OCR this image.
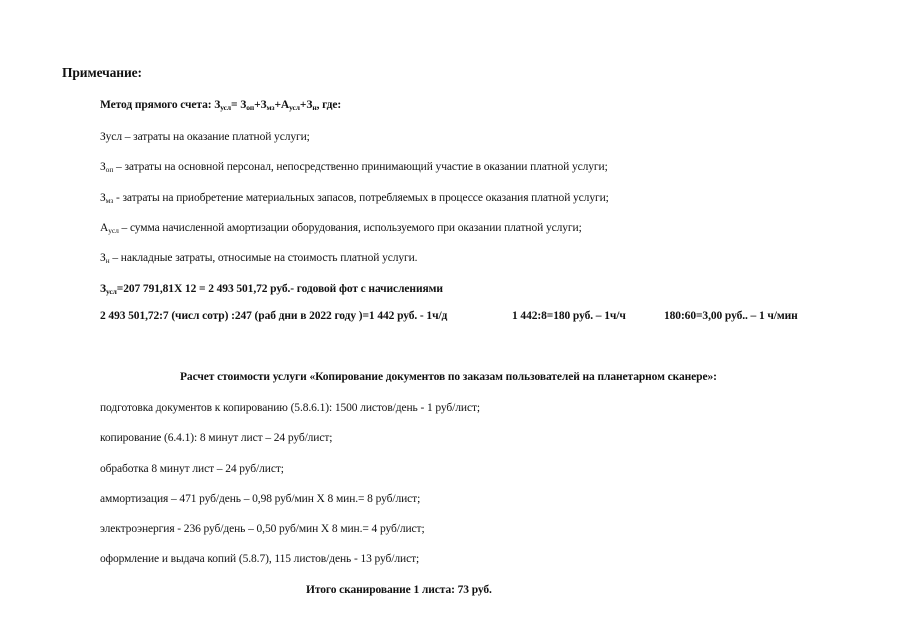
Примечание:
Метод прямого счета: $З_{усл}= З_{оп}+З_{мз}+А_{усл}+З_н$, где:
Зусл – затраты на оказание платной услуги;
$З_{оп}$ – затраты на основной персонал, непосредственно принимающий участие в оказании платной услуги;
$З_{мз}$ - затраты на приобретение материальных запасов, потребляемых в процессе оказания платной услуги;
$А_{усл}$ – сумма начисленной амортизации оборудования, используемого при оказании платной услуги;
$З_н$ – накладные затраты, относимые на стоимость платной услуги.
$З_{усл}=207$ 791,81Х 12 = 2 493 501,72 руб.- годовой фот с начислениями
2 493 501,72:7 (числ сотр) :247 (раб дни в 2022 году )=1 442 руб. - 1ч/д	1 442:8=180 руб. – 1ч/ч	180:60=3,00 руб.. – 1 ч/мин
Расчет стоимости услуги «Копирование документов по заказам пользователей на планетарном сканере»:
подготовка документов к копированию (5.8.6.1): 1500 листов/день - 1 руб/лист;
копирование (6.4.1): 8 минут лист – 24 руб/лист;
обработка 8 минут лист – 24 руб/лист;
аммортизация – 471 руб/день – 0,98 руб/мин Х 8 мин.= 8 руб/лист;
электроэнергия - 236 руб/день – 0,50 руб/мин Х 8 мин.= 4 руб/лист;
оформление и выдача копий (5.8.7), 115 листов/день - 13 руб/лист;
Итого сканирование 1 листа: 73 руб.
